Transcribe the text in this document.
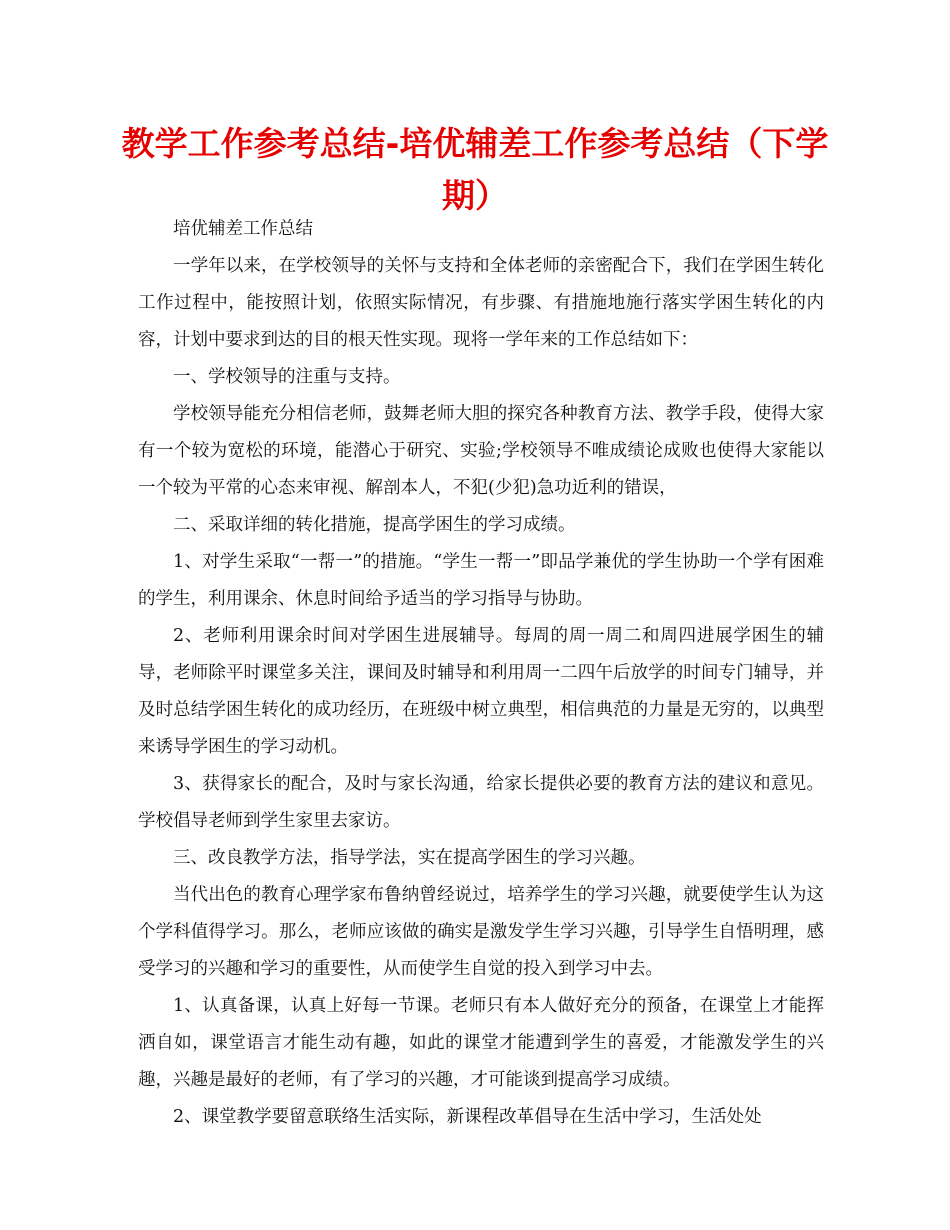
教学工作参考总结-培优辅差工作参考总结（下学期）

培优辅差工作总结

一学年以来，在学校领导的关怀与支持和全体老师的亲密配合下，我们在学困生转化工作过程中，能按照计划，依照实际情况，有步骤、有措施地施行落实学困生转化的内容，计划中要求到达的目的根天性实现。现将一学年来的工作总结如下：

一、学校领导的注重与支持。

学校领导能充分相信老师，鼓舞老师大胆的探究各种教育方法、教学手段，使得大家有一个较为宽松的环境，能潜心于研究、实验;学校领导不唯成绩论成败也使得大家能以一个较为平常的心态来审视、解剖本人，不犯(少犯)急功近利的错误，

二、采取详细的转化措施，提高学困生的学习成绩。

1、对学生采取“一帮一”的措施。“学生一帮一”即品学兼优的学生协助一个学有困难的学生，利用课余、休息时间给予适当的学习指导与协助。

2、老师利用课余时间对学困生进展辅导。每周的周一周二和周四进展学困生的辅导，老师除平时课堂多关注，课间及时辅导和利用周一二四午后放学的时间专门辅导，并及时总结学困生转化的成功经历，在班级中树立典型，相信典范的力量是无穷的，以典型来诱导学困生的学习动机。

3、获得家长的配合，及时与家长沟通，给家长提供必要的教育方法的建议和意见。学校倡导老师到学生家里去家访。

三、改良教学方法，指导学法，实在提高学困生的学习兴趣。

当代出色的教育心理学家布鲁纳曾经说过，培养学生的学习兴趣，就要使学生认为这个学科值得学习。那么，老师应该做的确实是激发学生学习兴趣，引导学生自悟明理，感受学习的兴趣和学习的重要性，从而使学生自觉的投入到学习中去。

1、认真备课，认真上好每一节课。老师只有本人做好充分的预备，在课堂上才能挥洒自如，课堂语言才能生动有趣，如此的课堂才能遭到学生的喜爱，才能激发学生的兴趣，兴趣是最好的老师，有了学习的兴趣，才可能谈到提高学习成绩。

2、课堂教学要留意联络生活实际，新课程改革倡导在生活中学习，生活处处
